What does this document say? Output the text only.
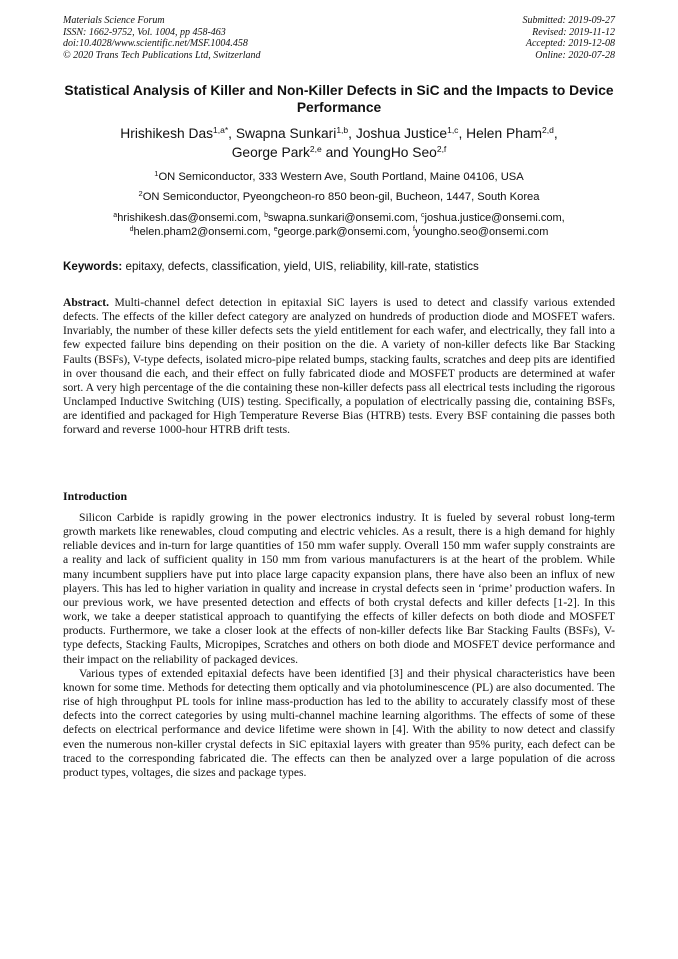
Materials Science Forum
ISSN: 1662-9752, Vol. 1004, pp 458-463
doi:10.4028/www.scientific.net/MSF.1004.458
© 2020 Trans Tech Publications Ltd, Switzerland
Submitted: 2019-09-27
Revised: 2019-11-12
Accepted: 2019-12-08
Online: 2020-07-28
Statistical Analysis of Killer and Non-Killer Defects in SiC and the Impacts to Device Performance
Hrishikesh Das$^{1,a*}$, Swapna Sunkari$^{1,b}$, Joshua Justice$^{1,c}$, Helen Pham$^{2,d}$,
George Park$^{2,e}$ and YoungHo Seo$^{2,f}$
$^1$ON Semiconductor, 333 Western Ave, South Portland, Maine 04106, USA
$^2$ON Semiconductor, Pyeongcheon-ro 850 beon-gil, Bucheon, 1447, South Korea
$^a$hrishikesh.das@onsemi.com, $^b$swapna.sunkari@onsemi.com, $^c$joshua.justice@onsemi.com,
$^d$helen.pham2@onsemi.com, $^e$george.park@onsemi.com, $^f$youngho.seo@onsemi.com
Keywords: epitaxy, defects, classification, yield, UIS, reliability, kill-rate, statistics
Abstract. Multi-channel defect detection in epitaxial SiC layers is used to detect and classify various extended defects. The effects of the killer defect category are analyzed on hundreds of production diode and MOSFET wafers. Invariably, the number of these killer defects sets the yield entitlement for each wafer, and electrically, they fall into a few expected failure bins depending on their position on the die. A variety of non-killer defects like Bar Stacking Faults (BSFs), V-type defects, isolated micro-pipe related bumps, stacking faults, scratches and deep pits are identified in over thousand die each, and their effect on fully fabricated diode and MOSFET products are determined at wafer sort. A very high percentage of the die containing these non-killer defects pass all electrical tests including the rigorous Unclamped Inductive Switching (UIS) testing. Specifically, a population of electrically passing die, containing BSFs, are identified and packaged for High Temperature Reverse Bias (HTRB) tests. Every BSF containing die passes both forward and reverse 1000-hour HTRB drift tests.
Introduction

Silicon Carbide is rapidly growing in the power electronics industry. It is fueled by several robust long-term growth markets like renewables, cloud computing and electric vehicles. As a result, there is a high demand for highly reliable devices and in-turn for large quantities of 150 mm wafer supply. Overall 150 mm wafer supply constraints are a reality and lack of sufficient quality in 150 mm from various manufacturers is at the heart of the problem. While many incumbent suppliers have put into place large capacity expansion plans, there have also been an influx of new players. This has led to higher variation in quality and increase in crystal defects seen in ‘prime’ production wafers. In our previous work, we have presented detection and effects of both crystal defects and killer defects [1-2]. In this work, we take a deeper statistical approach to quantifying the effects of killer defects on both diode and MOSFET products. Furthermore, we take a closer look at the effects of non-killer defects like Bar Stacking Faults (BSFs), V-type defects, Stacking Faults, Micropipes, Scratches and others on both diode and MOSFET device performance and their impact on the reliability of packaged devices.

Various types of extended epitaxial defects have been identified [3] and their physical characteristics have been known for some time. Methods for detecting them optically and via photoluminescence (PL) are also documented. The rise of high throughput PL tools for inline mass-production has led to the ability to accurately classify most of these defects into the correct categories by using multi-channel machine learning algorithms. The effects of some of these defects on electrical performance and device lifetime were shown in [4]. With the ability to now detect and classify even the numerous non-killer crystal defects in SiC epitaxial layers with greater than 95% purity, each defect can be traced to the corresponding fabricated die. The effects can then be analyzed over a large population of die across product types, voltages, die sizes and package types.
